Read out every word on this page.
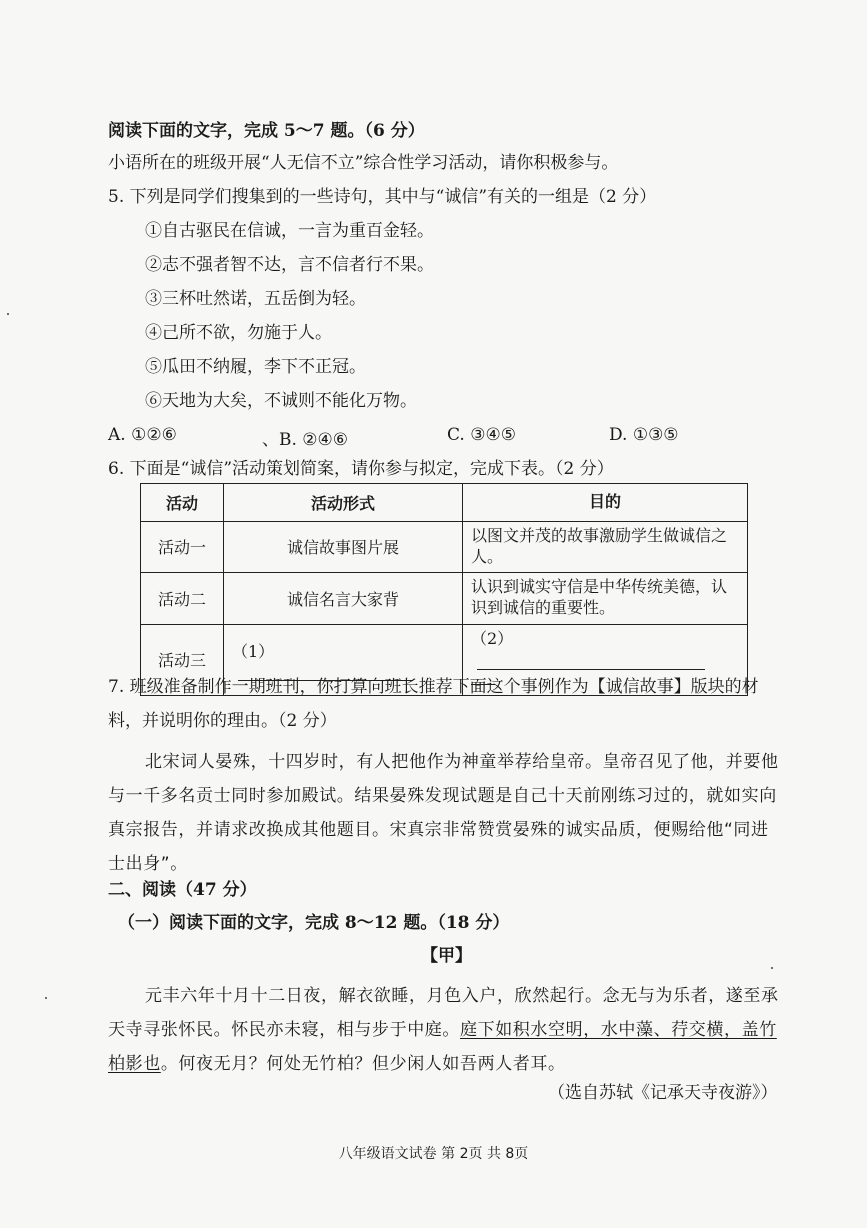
阅读下面的文字，完成 5～7 题。（6 分）
小语所在的班级开展“人无信不立”综合性学习活动，请你积极参与。
5. 下列是同学们搜集到的一些诗句，其中与“诚信”有关的一组是（2 分）
①自古驱民在信诚，一言为重百金轻。
②志不强者智不达，言不信者行不果。
③三杯吐然诺，五岳倒为轻。
④己所不欲，勿施于人。
⑤瓜田不纳履，李下不正冠。
⑥天地为大矣，不诚则不能化万物。
A. ①②⑥	、B. ②④⑥	C. ③④⑤	D. ①③⑤
6. 下面是“诚信”活动策划简案，请你参与拟定，完成下表。（2 分）
活动	活动形式	目的
活动一	诚信故事图片展	以图文并茂的故事激励学生做诚信之人。
活动二	诚信名言大家背	认识到诚实守信是中华传统美德，认识到诚信的重要性。
活动三	（1）	（2）

7. 班级准备制作一期班刊，你打算向班长推荐下面这个事例作为【诚信故事】版块的材
料，并说明你的理由。（2 分）
北宋词人晏殊，十四岁时，有人把他作为神童举荐给皇帝。皇帝召见了他，并要他
与一千多名贡士同时参加殿试。结果晏殊发现试题是自己十天前刚练习过的，就如实向
真宗报告，并请求改换成其他题目。宋真宗非常赞赏晏殊的诚实品质，便赐给他“同进
士出身”。
二、阅读（47 分）
（一）阅读下面的文字，完成 8～12 题。（18 分）
【甲】
元丰六年十月十二日夜，解衣欲睡，月色入户，欣然起行。念无与为乐者，遂至承
天寺寻张怀民。怀民亦未寝，相与步于中庭。庭下如积水空明，水中藻、荇交横，盖竹
柏影也。何夜无月？何处无竹柏？但少闲人如吾两人者耳。
（选自苏轼《记承天寺夜游》）
八年级语文试卷 第 2页 共 8页
